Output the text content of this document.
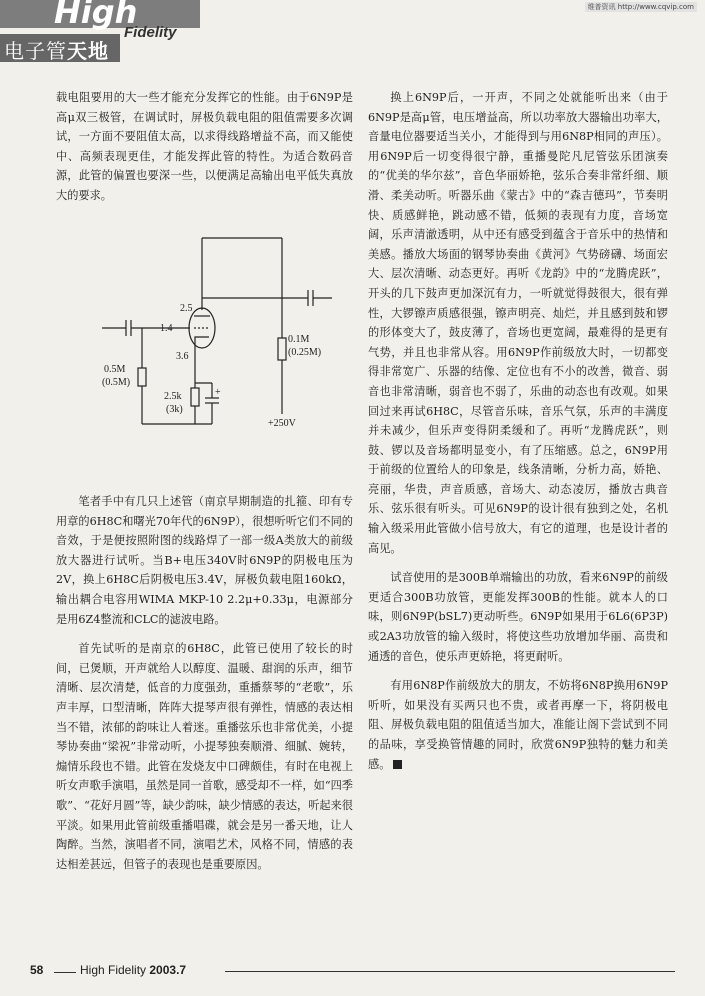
High
Fidelity
电子管天地
维普资讯 http://www.cqvip.com

载电阻要用的大一些才能充分发挥它的性能。由于6N9P是高μ双三极管，在调试时，屏极负载电阻的阻值需要多次调试，一方面不要阻值太高，以求得线路增益不高，而又能使中、高频表现更佳，才能发挥此管的特性。为适合数码音源，此管的偏置也要深一些，以便满足高输出电平低失真放大的要求。

2.5
1.4
3.6
0.1M
(0.25M)
0.5M
(0.5M)
2.5k
(3k)
+
+250V

笔者手中有几只上述管（南京早期制造的扎箍、印有专用章的6H8C和曙光70年代的6N9P），很想听听它们不同的音效，于是便按照附图的线路焊了一部一级A类放大的前级放大器进行试听。当B+电压340V时6N9P的阴极电压为2V，换上6H8C后阴极电压3.4V，屏极负载电阻160kΩ，输出耦合电容用WIMA MKP-10 2.2μ+0.33μ，电源部分是用6Z4整流和CLC的滤波电路。

首先试听的是南京的6H8C，此管已使用了较长的时间，已煲顺，开声就给人以醇度、温暖、甜润的乐声，细节清晰、层次清楚，低音的力度强劲，重播蔡琴的“老歌”，乐声丰厚，口型清晰，阵阵大提琴声很有弹性，情感的表达相当不错，浓郁的韵味让人着迷。重播弦乐也非常优美，小提琴协奏曲“梁祝”非常动听，小提琴独奏顺滑、细腻、婉转，煽情乐段也不错。此管在发烧友中口碑颇佳，有时在电视上听女声歌手演唱，虽然是同一首歌，感受却不一样，如“四季歌”、“花好月圆”等，缺少韵味，缺少情感的表达，听起来很平淡。如果用此管前级重播唱碟，就会是另一番天地，让人陶醉。当然，演唱者不同，演唱艺术，风格不同，情感的表达相差甚远，但管子的表现也是重要原因。

换上6N9P后，一开声，不同之处就能听出来（由于6N9P是高μ管，电压增益高，所以功率放大器输出功率大，音量电位器要适当关小，才能得到与用6N8P相同的声压）。用6N9P后一切变得很宁静，重播曼陀凡尼管弦乐团演奏的“优美的华尔兹”，音色华丽娇艳，弦乐合奏非常纤细、顺滑、柔美动听。听器乐曲《蒙古》中的“森吉德玛”，节奏明快、质感鲜艳，跳动感不错，低频的表现有力度，音场宽阔，乐声清澈透明，从中还有感受到蕴含于音乐中的热情和美感。播放大场面的钢琴协奏曲《黄河》气势磅礴、场面宏大、层次清晰、动态更好。再听《龙韵》中的“龙腾虎跃”，开头的几下鼓声更加深沉有力，一听就觉得鼓很大，很有弹性，大锣镲声质感很强，镲声明亮、灿烂，并且感到鼓和锣的形体变大了，鼓皮薄了，音场也更宽阔，最难得的是更有气势，并且也非常从容。用6N9P作前级放大时，一切都变得非常宽广、乐器的结像、定位也有不小的改善，微音、弱音也非常清晰，弱音也不弱了，乐曲的动态也有改观。如果回过来再试6H8C，尽管音乐味，音乐气氛，乐声的丰满度并未减少，但乐声变得阴柔缓和了。再听“龙腾虎跃”，则鼓、锣以及音场都明显变小，有了压缩感。总之，6N9P用于前级的位置给人的印象是，线条清晰，分析力高，娇艳、亮丽，华贵，声音质感，音场大、动态凌厉，播放古典音乐、弦乐很有听头。可见6N9P的设计很有独到之处，名机输入级采用此管做小信号放大，有它的道理，也是设计者的高见。

试音使用的是300B单端输出的功放，看来6N9P的前级更适合300B功放管，更能发挥300B的性能。就本人的口味，则6N9P(bSL7)更动听些。6N9P如果用于6L6(6P3P)或2A3功放管的输入级时，将使这些功放增加华丽、高贵和通透的音色，使乐声更娇艳，将更耐听。

有用6N8P作前级放大的朋友，不妨将6N8P换用6N9P听听，如果没有买两只也不贵，或者再摩一下，将阴极电阻、屏极负载电阻的阻值适当加大，准能让阁下尝试到不同的品味，享受换管情趣的同时，欣赏6N9P独特的魅力和美感。

58	High Fidelity 2003.7
